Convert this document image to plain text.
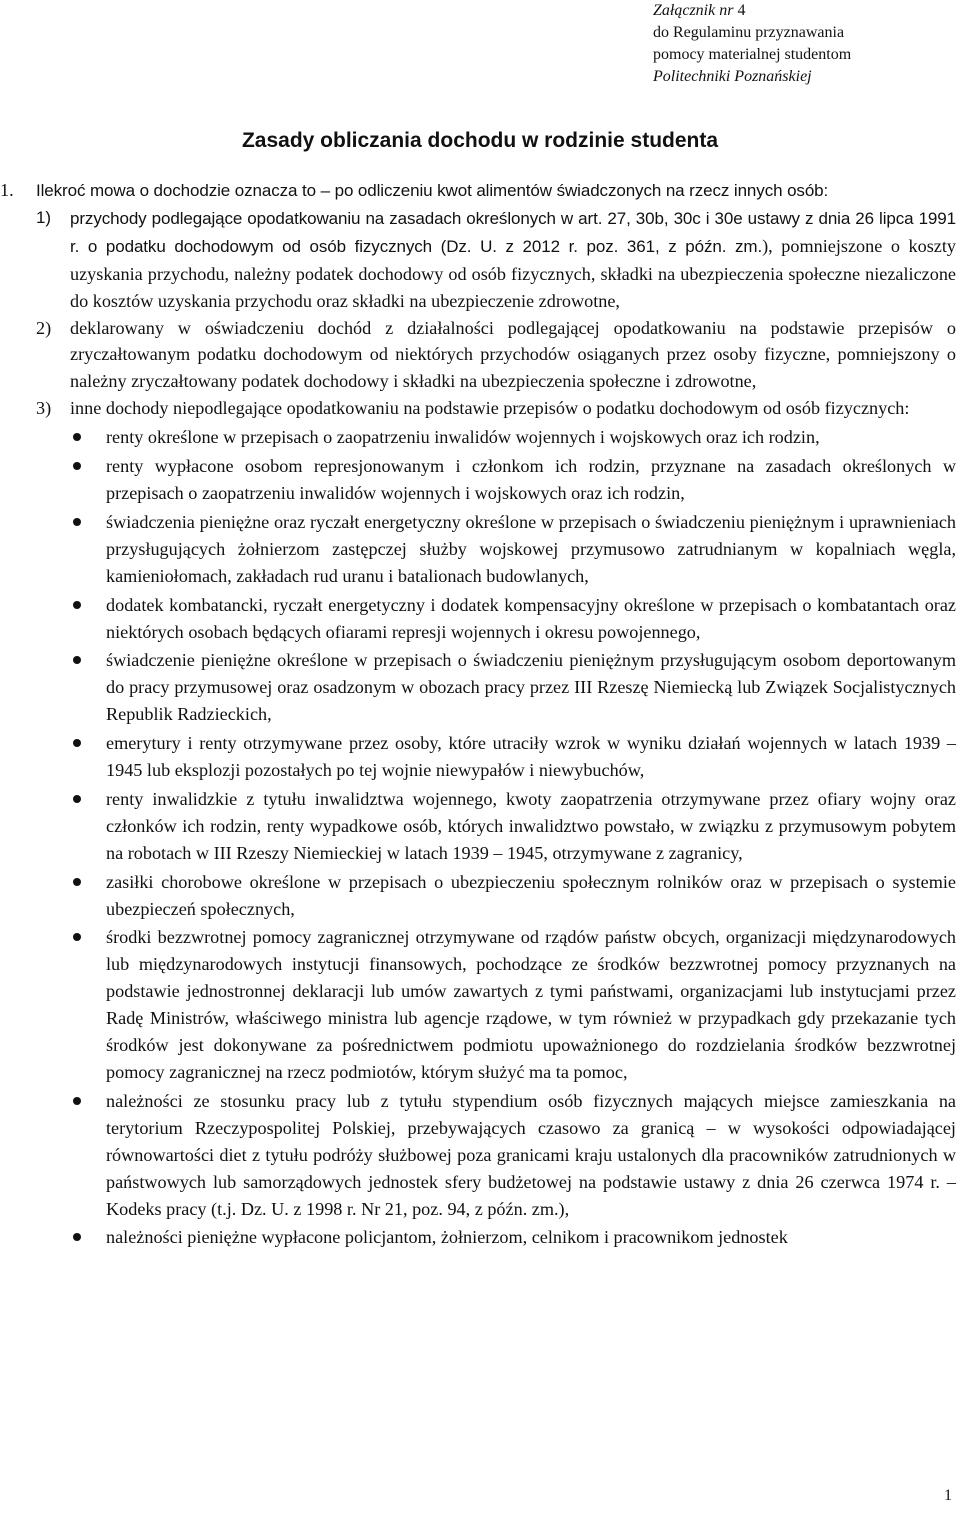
Załącznik nr 4
do Regulaminu przyznawania
pomocy materialnej studentom
Politechniki Poznańskiej
Zasady obliczania dochodu w rodzinie studenta

1. Ilekroć mowa o dochodzie oznacza to – po odliczeniu kwot alimentów świadczonych na rzecz innych osób:

1) przychody podlegające opodatkowaniu na zasadach określonych w art. 27, 30b, 30c i 30e ustawy z dnia 26 lipca 1991 r. o podatku dochodowym od osób fizycznych (Dz. U. z 2012 r. poz. 361, z późn. zm.), pomniejszone o koszty uzyskania przychodu, należny podatek dochodowy od osób fizycznych, składki na ubezpieczenia społeczne niezaliczone do kosztów uzyskania przychodu oraz składki na ubezpieczenie zdrowotne,

2) deklarowany w oświadczeniu dochód z działalności podlegającej opodatkowaniu na podstawie przepisów o zryczałtowanym podatku dochodowym od niektórych przychodów osiąganych przez osoby fizyczne, pomniejszony o należny zryczałtowany podatek dochodowy i składki na ubezpieczenia społeczne i zdrowotne,

3) inne dochody niepodlegające opodatkowaniu na podstawie przepisów o podatku dochodowym od osób fizycznych:

renty określone w przepisach o zaopatrzeniu inwalidów wojennych i wojskowych oraz ich rodzin,
renty wypłacone osobom represjonowanym i członkom ich rodzin, przyznane na zasadach określonych w przepisach o zaopatrzeniu inwalidów wojennych i wojskowych oraz ich rodzin,
świadczenia pieniężne oraz ryczałt energetyczny określone w przepisach o świadczeniu pieniężnym i uprawnieniach przysługujących żołnierzom zastępczej służby wojskowej przymusowo zatrudnianym w kopalniach węgla, kamieniołomach, zakładach rud uranu i batalionach budowlanych,
dodatek kombatancki, ryczałt energetyczny i dodatek kompensacyjny określone w przepisach o kombatantach oraz niektórych osobach będących ofiarami represji wojennych i okresu powojennego,
świadczenie pieniężne określone w przepisach o świadczeniu pieniężnym przysługującym osobom deportowanym do pracy przymusowej oraz osadzonym w obozach pracy przez III Rzeszę Niemiecką lub Związek Socjalistycznych Republik Radzieckich,
emerytury i renty otrzymywane przez osoby, które utraciły wzrok w wyniku działań wojennych w latach 1939 – 1945 lub eksplozji pozostałych po tej wojnie niewypałów i niewybuchów,
renty inwalidzkie z tytułu inwalidztwa wojennego, kwoty zaopatrzenia otrzymywane przez ofiary wojny oraz członków ich rodzin, renty wypadkowe osób, których inwalidztwo powstało, w związku z przymusowym pobytem na robotach w III Rzeszy Niemieckiej w latach 1939 – 1945, otrzymywane z zagranicy,
zasiłki chorobowe określone w przepisach o ubezpieczeniu społecznym rolników oraz w przepisach o systemie ubezpieczeń społecznych,
środki bezzwrotnej pomocy zagranicznej otrzymywane od rządów państw obcych, organizacji międzynarodowych lub międzynarodowych instytucji finansowych, pochodzące ze środków bezzwrotnej pomocy przyznanych na podstawie jednostronnej deklaracji lub umów zawartych z tymi państwami, organizacjami lub instytucjami przez Radę Ministrów, właściwego ministra lub agencje rządowe, w tym również w przypadkach gdy przekazanie tych środków jest dokonywane za pośrednictwem podmiotu upoważnionego do rozdzielania środków bezzwrotnej pomocy zagranicznej na rzecz podmiotów, którym służyć ma ta pomoc,
należności ze stosunku pracy lub z tytułu stypendium osób fizycznych mających miejsce zamieszkania na terytorium Rzeczypospolitej Polskiej, przebywających czasowo za granicą – w wysokości odpowiadającej równowartości diet z tytułu podróży służbowej poza granicami kraju ustalonych dla pracowników zatrudnionych w państwowych lub samorządowych jednostek sfery budżetowej na podstawie ustawy z dnia 26 czerwca 1974 r. – Kodeks pracy (t.j. Dz. U. z 1998 r. Nr 21, poz. 94, z późn. zm.),
należności pieniężne wypłacone policjantom, żołnierzom, celnikom i pracownikom jednostek
1
